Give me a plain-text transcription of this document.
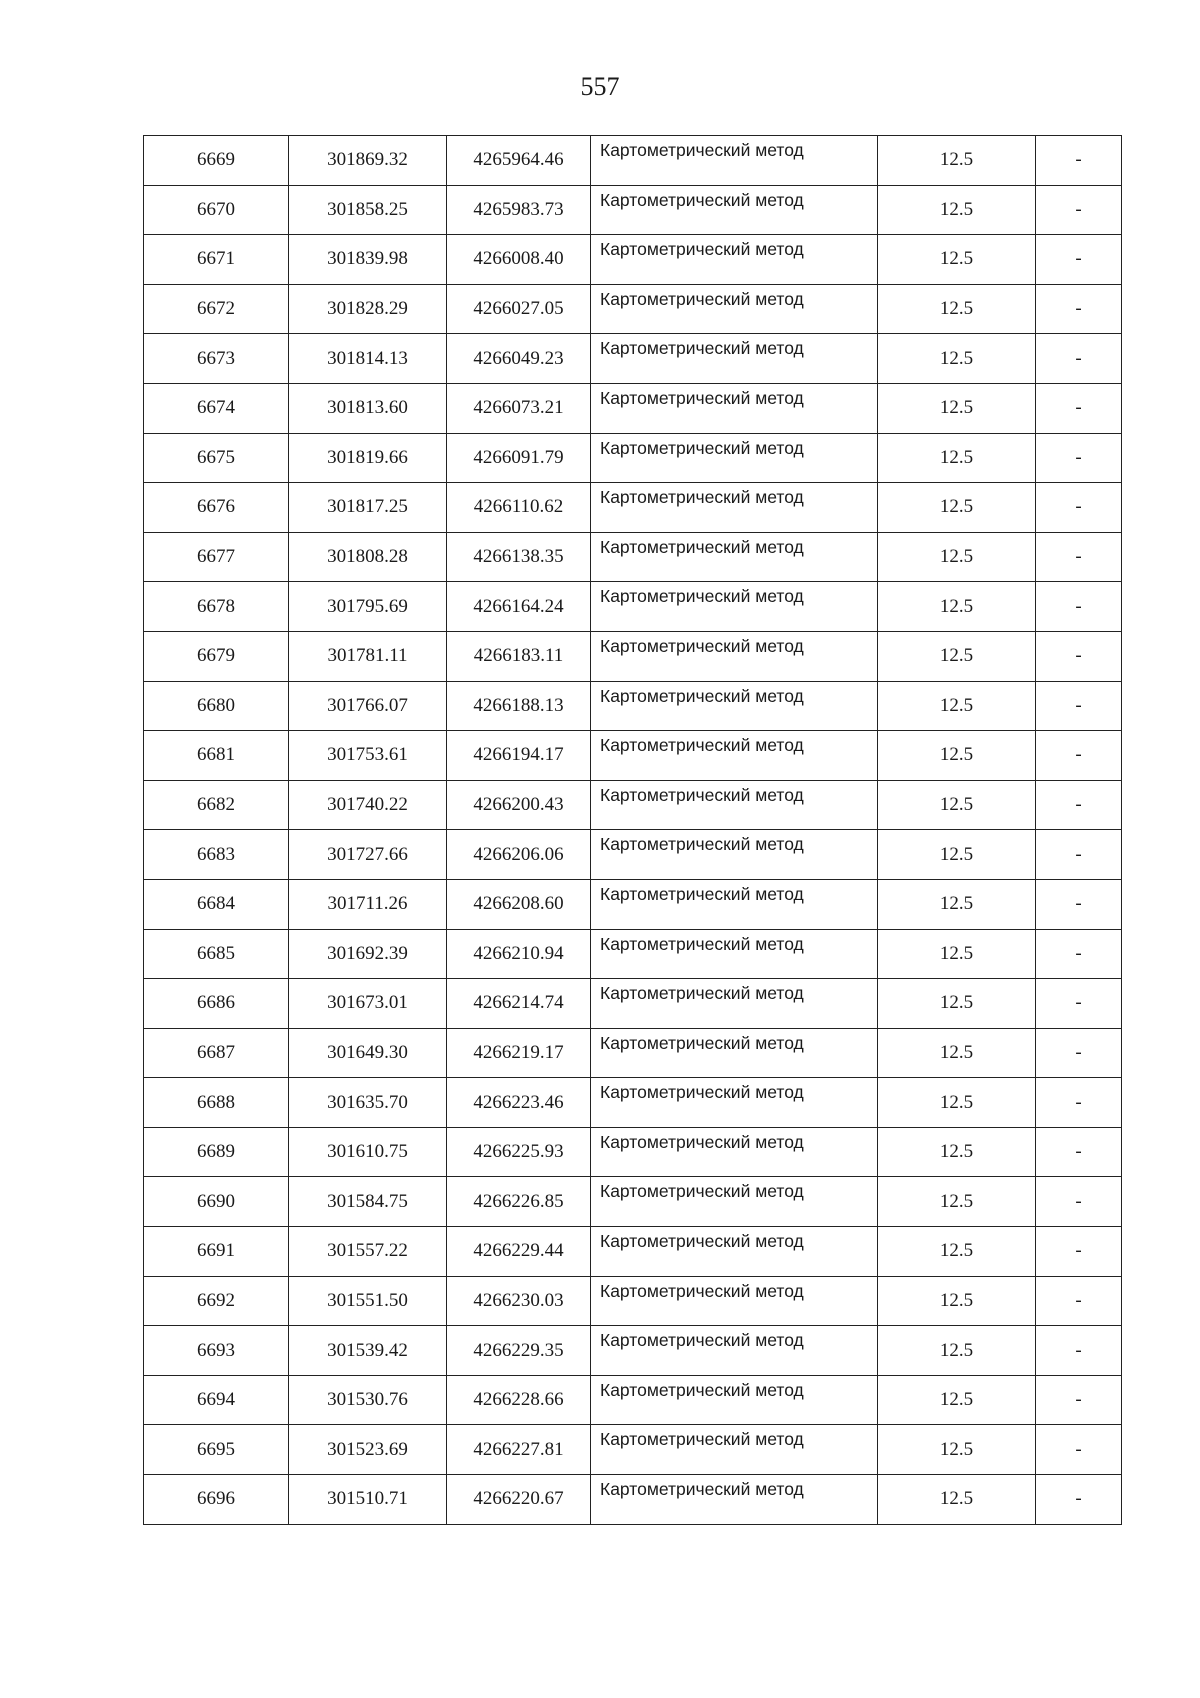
557
6669	301869.32	4265964.46	Картометрический метод	12.5	-
6670	301858.25	4265983.73	Картометрический метод	12.5	-
6671	301839.98	4266008.40	Картометрический метод	12.5	-
6672	301828.29	4266027.05	Картометрический метод	12.5	-
6673	301814.13	4266049.23	Картометрический метод	12.5	-
6674	301813.60	4266073.21	Картометрический метод	12.5	-
6675	301819.66	4266091.79	Картометрический метод	12.5	-
6676	301817.25	4266110.62	Картометрический метод	12.5	-
6677	301808.28	4266138.35	Картометрический метод	12.5	-
6678	301795.69	4266164.24	Картометрический метод	12.5	-
6679	301781.11	4266183.11	Картометрический метод	12.5	-
6680	301766.07	4266188.13	Картометрический метод	12.5	-
6681	301753.61	4266194.17	Картометрический метод	12.5	-
6682	301740.22	4266200.43	Картометрический метод	12.5	-
6683	301727.66	4266206.06	Картометрический метод	12.5	-
6684	301711.26	4266208.60	Картометрический метод	12.5	-
6685	301692.39	4266210.94	Картометрический метод	12.5	-
6686	301673.01	4266214.74	Картометрический метод	12.5	-
6687	301649.30	4266219.17	Картометрический метод	12.5	-
6688	301635.70	4266223.46	Картометрический метод	12.5	-
6689	301610.75	4266225.93	Картометрический метод	12.5	-
6690	301584.75	4266226.85	Картометрический метод	12.5	-
6691	301557.22	4266229.44	Картометрический метод	12.5	-
6692	301551.50	4266230.03	Картометрический метод	12.5	-
6693	301539.42	4266229.35	Картометрический метод	12.5	-
6694	301530.76	4266228.66	Картометрический метод	12.5	-
6695	301523.69	4266227.81	Картометрический метод	12.5	-
6696	301510.71	4266220.67	Картометрический метод	12.5	-
